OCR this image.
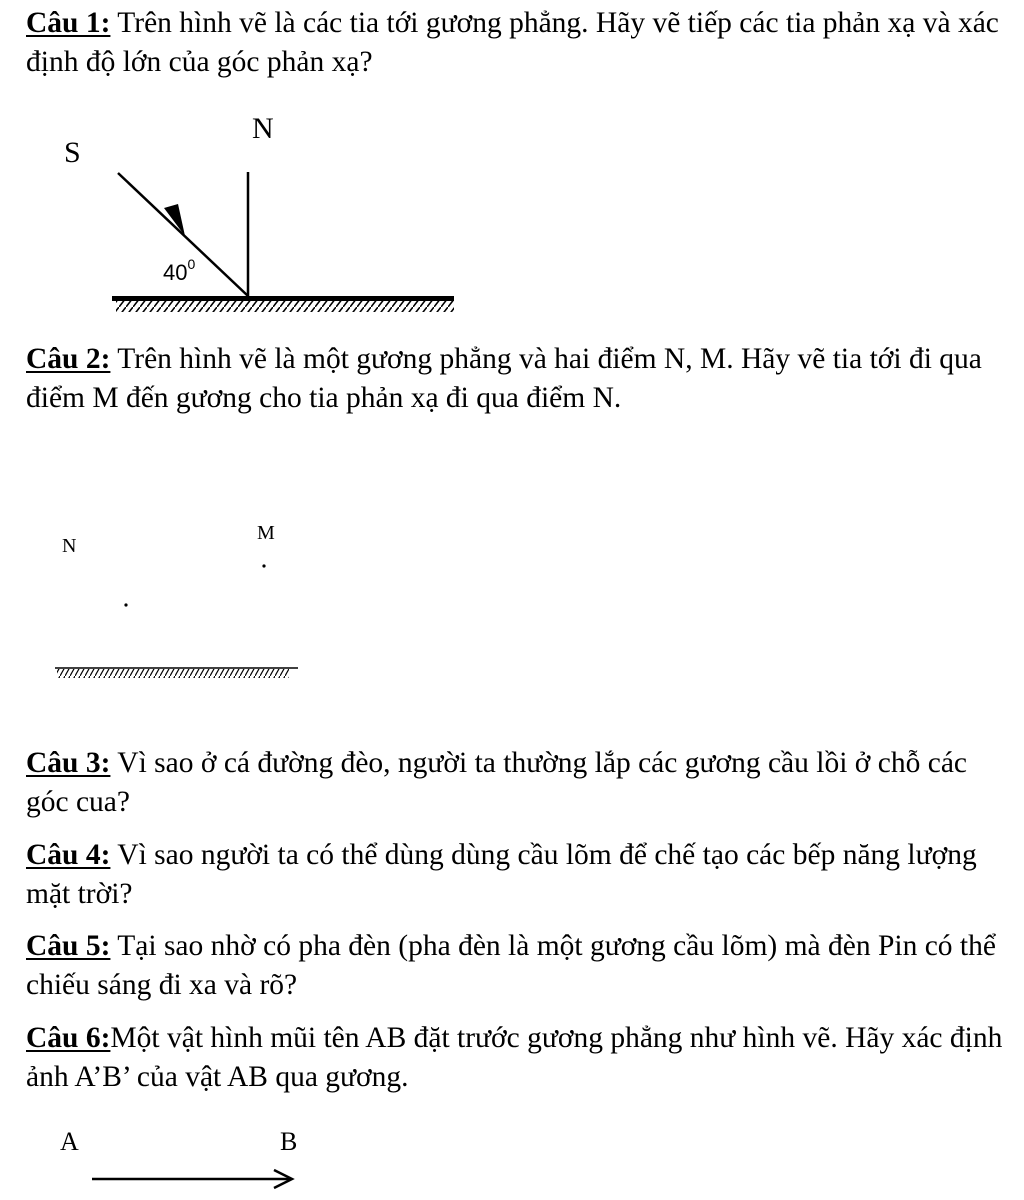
Câu 1: Trên hình vẽ là các tia tới gương phẳng. Hãy vẽ tiếp các tia phản xạ và xác định độ lớn của góc phản xạ?

S
N
$40^0$

Câu 2: Trên hình vẽ là một gương phẳng và hai điểm N, M. Hãy vẽ tia tới đi qua điểm M đến gương cho tia phản xạ đi qua điểm N.

N
M

Câu 3: Vì sao ở cá đường đèo, người ta thường lắp các gương cầu lồi ở chỗ các góc cua?

Câu 4: Vì sao người ta có thể dùng dùng cầu lõm để chế tạo các bếp năng lượng mặt trời?

Câu 5: Tại sao nhờ có pha đèn (pha đèn là một gương cầu lõm) mà đèn Pin có thể chiếu sáng đi xa và rõ?

Câu 6:Một vật hình mũi tên AB đặt trước gương phẳng như hình vẽ. Hãy xác định ảnh A’B’ của vật AB qua gương.

A	B
